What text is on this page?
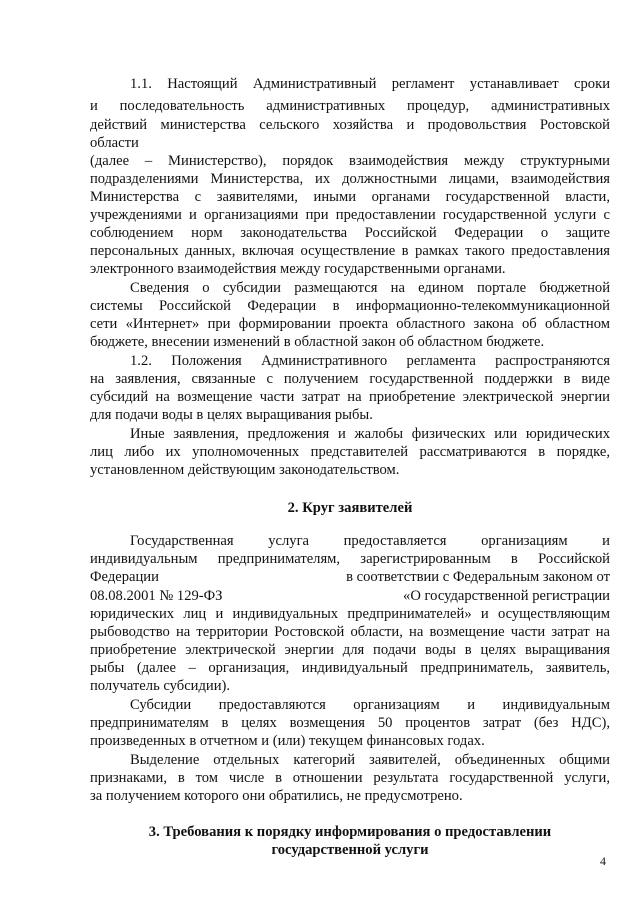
1.1. Настоящий Административный регламент устанавливает сроки
и последовательность административных процедур, административных
действий министерства сельского хозяйства и продовольствия Ростовской
области
(далее – Министерство), порядок взаимодействия между структурными
подразделениями Министерства, их должностными лицами, взаимодействия
Министерства с заявителями, иными органами государственной власти,
учреждениями и организациями при предоставлении государственной услуги с
соблюдением норм законодательства Российской Федерации о защите
персональных данных, включая осуществление в рамках такого предоставления
электронного взаимодействия между государственными органами.
Сведения о субсидии размещаются на едином портале бюджетной
системы Российской Федерации в информационно-телекоммуникационной
сети «Интернет» при формировании проекта областного закона об областном
бюджете, внесении изменений в областной закон об областном бюджете.
1.2. Положения Административного регламента распространяются
на заявления, связанные с получением государственной поддержки в виде
субсидий на возмещение части затрат на приобретение электрической энергии
для подачи воды в целях выращивания рыбы.
Иные заявления, предложения и жалобы физических или юридических
лиц либо их уполномоченных представителей рассматриваются в порядке,
установленном действующим законодательством.
2. Круг заявителей
Государственная услуга предоставляется организациям и
индивидуальным предпринимателям, зарегистрированным в Российской
Федерации	в соответствии с Федеральным законом от
08.08.2001 № 129-ФЗ	«О государственной регистрации
юридических лиц и индивидуальных предпринимателей» и осуществляющим
рыбоводство на территории Ростовской области, на возмещение части затрат на
приобретение электрической энергии для подачи воды в целях выращивания
рыбы (далее – организация, индивидуальный предприниматель, заявитель,
получатель субсидии).
Субсидии предоставляются организациям и индивидуальным
предпринимателям в целях возмещения 50 процентов затрат (без НДС),
произведенных в отчетном и (или) текущем финансовых годах.
Выделение отдельных категорий заявителей, объединенных общими
признаками, в том числе в отношении результата государственной услуги,
за получением которого они обратились, не предусмотрено.
3. Требования к порядку информирования о предоставлении
государственной услуги
4
